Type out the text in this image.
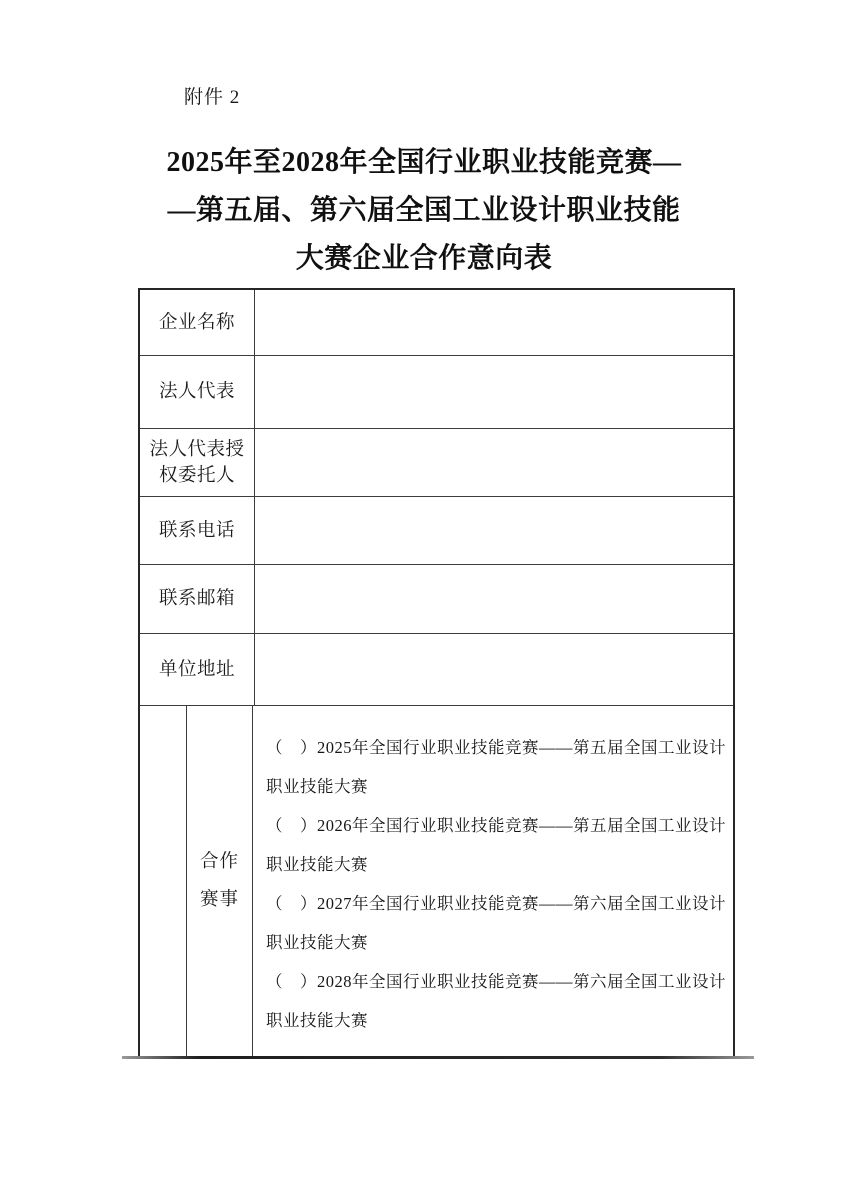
附件 2
2025年至2028年全国行业职业技能竞赛—
—第五届、第六届全国工业设计职业技能
大赛企业合作意向表
企业名称
法人代表
法人代表授权委托人
联系电话
联系邮箱
单位地址
合作
赛事
（　）2025年全国行业职业技能竞赛——第五届全国工业设计
职业技能大赛
（　）2026年全国行业职业技能竞赛——第五届全国工业设计
职业技能大赛
（　）2027年全国行业职业技能竞赛——第六届全国工业设计
职业技能大赛
（　）2028年全国行业职业技能竞赛——第六届全国工业设计
职业技能大赛
